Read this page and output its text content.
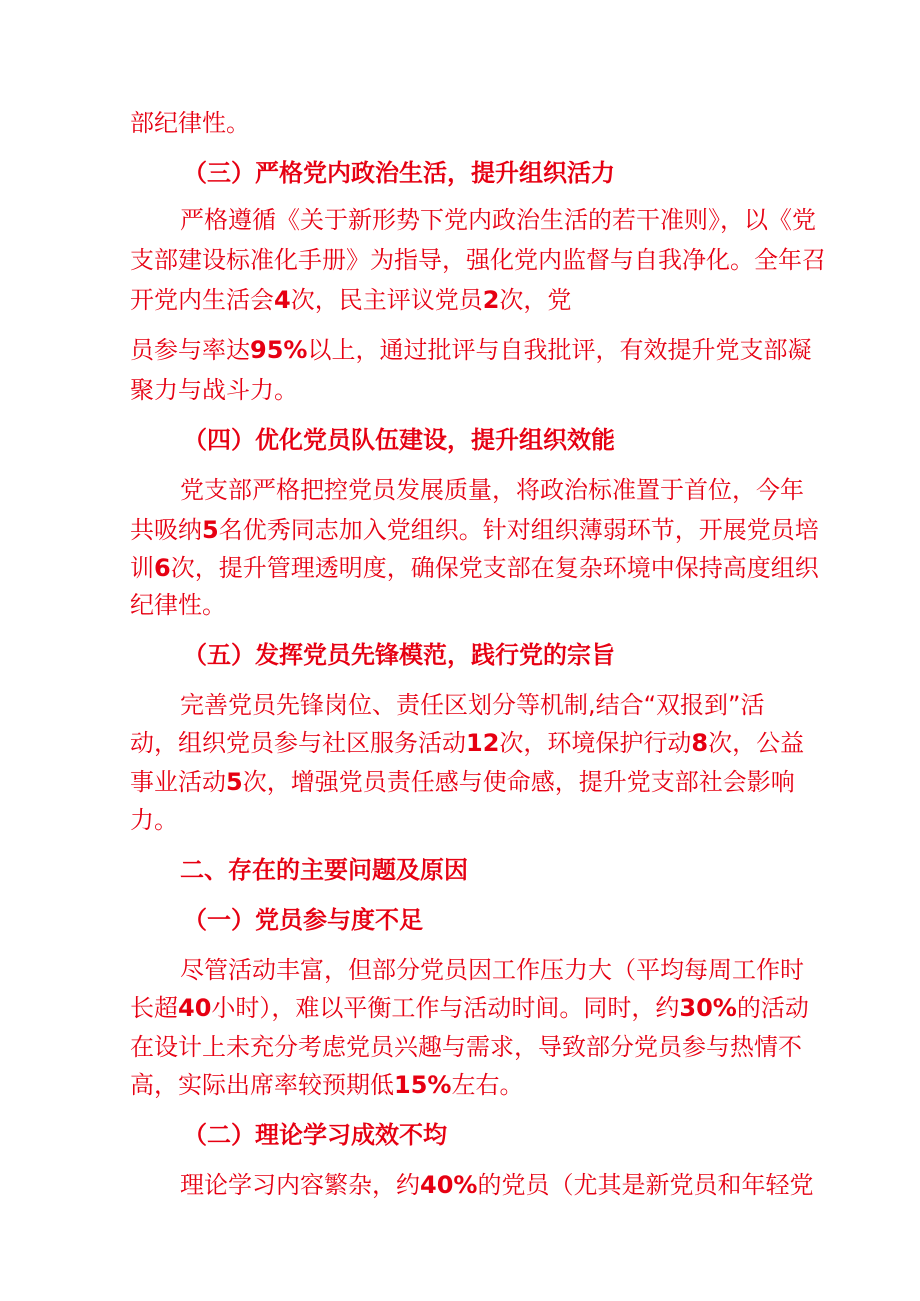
部纪律性。
（三）严格党内政治生活，提升组织活力
严格遵循《关于新形势下党内政治生活的若干准则》，以《党
支部建设标准化手册》为指导，强化党内监督与自我净化。全年召
开党内生活会4次，民主评议党员2次，党
员参与率达95%以上，通过批评与自我批评，有效提升党支部凝
聚力与战斗力。
（四）优化党员队伍建设，提升组织效能
党支部严格把控党员发展质量，将政治标准置于首位，今年
共吸纳5名优秀同志加入党组织。针对组织薄弱环节，开展党员培
训6次，提升管理透明度，确保党支部在复杂环境中保持高度组织
纪律性。
（五）发挥党员先锋模范，践行党的宗旨
完善党员先锋岗位、责任区划分等机制,结合“双报到”活
动，组织党员参与社区服务活动12次，环境保护行动8次，公益
事业活动5次，增强党员责任感与使命感，提升党支部社会影响
力。
二、存在的主要问题及原因
（一）党员参与度不足
尽管活动丰富，但部分党员因工作压力大（平均每周工作时
长超40小时），难以平衡工作与活动时间。同时，约30%的活动
在设计上未充分考虑党员兴趣与需求，导致部分党员参与热情不
高，实际出席率较预期低15%左右。
（二）理论学习成效不均
理论学习内容繁杂，约40%的党员（尤其是新党员和年轻党
